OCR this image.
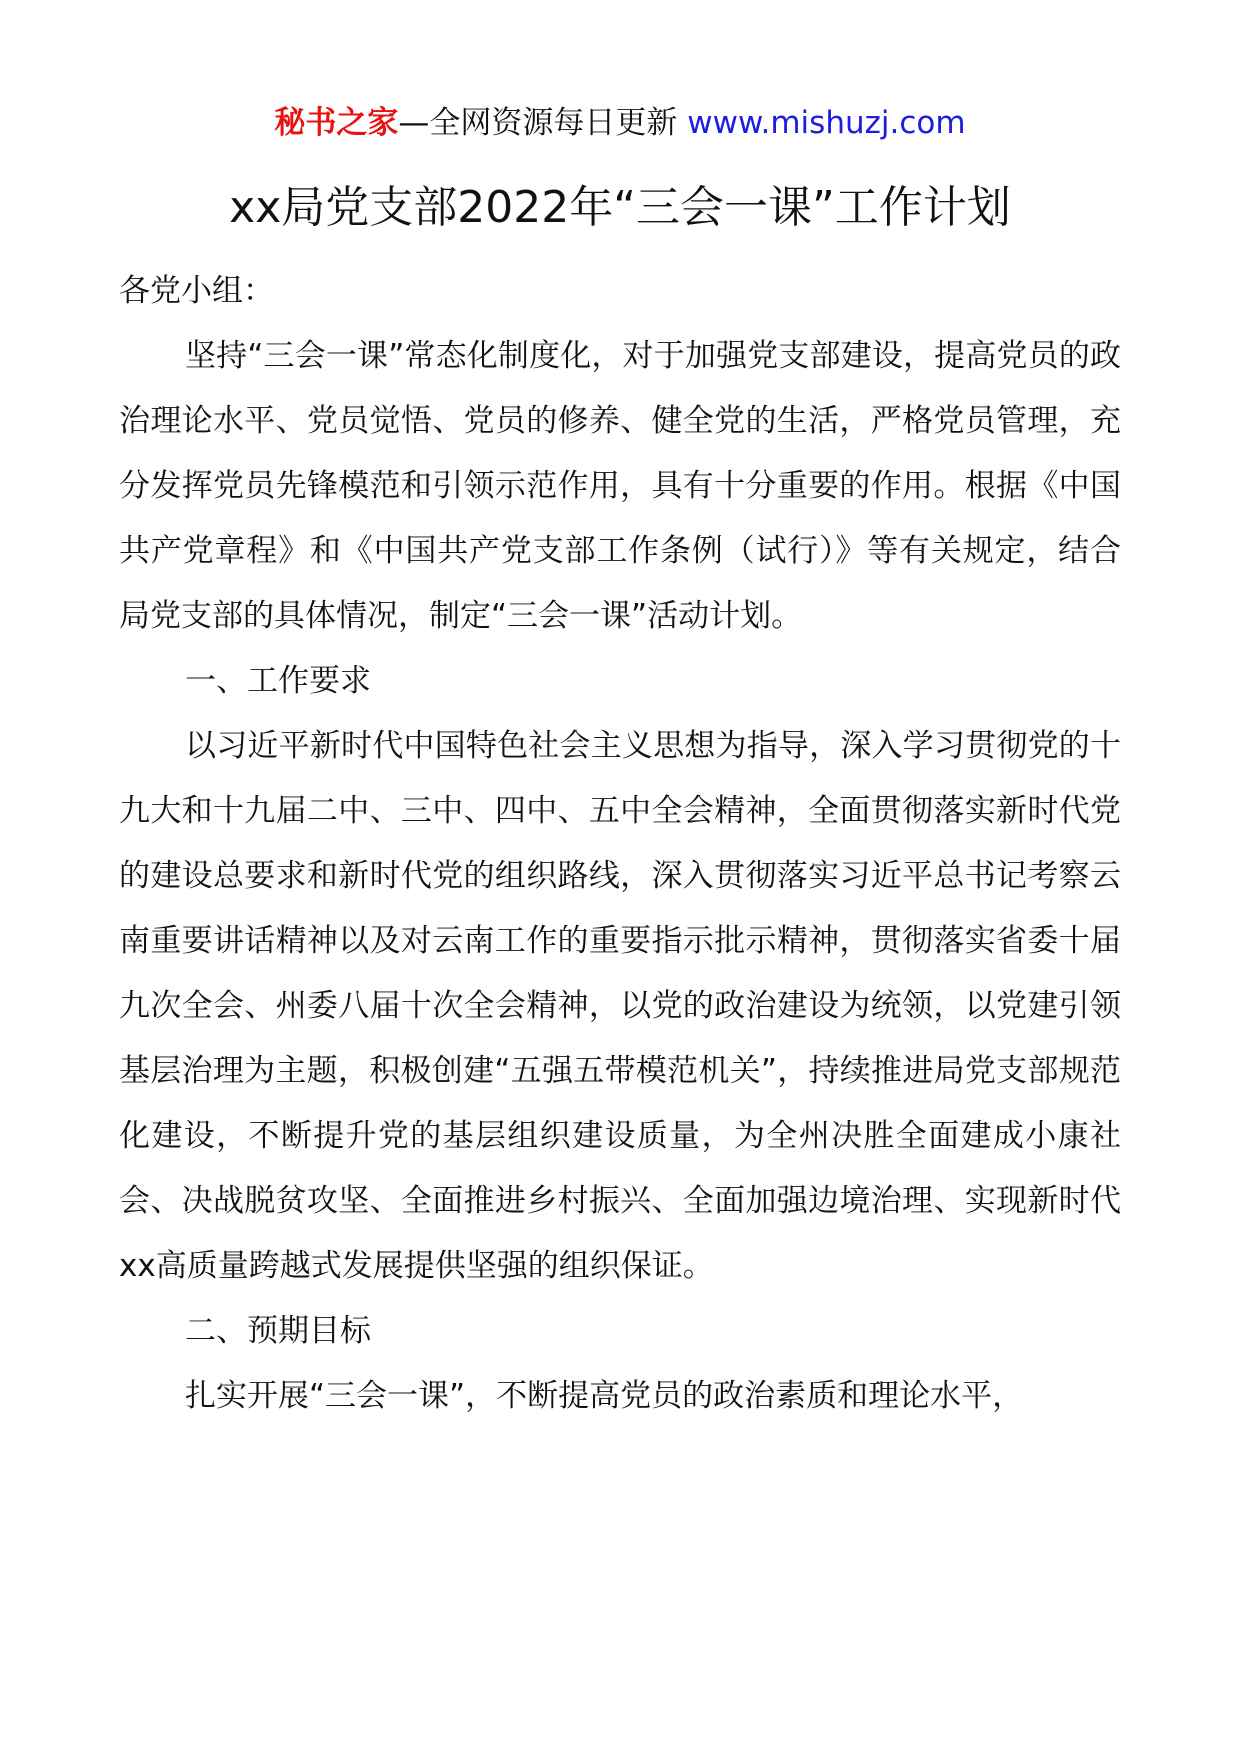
秘书之家—全网资源每日更新 www.mishuzj.com
xx局党支部2022年“三会一课”工作计划

各党小组：

坚持“三会一课”常态化制度化，对于加强党支部建设，提高党员的政治理论水平、党员觉悟、党员的修养、健全党的生活，严格党员管理，充分发挥党员先锋模范和引领示范作用，具有十分重要的作用。根据《中国共产党章程》和《中国共产党支部工作条例（试行）》等有关规定，结合局党支部的具体情况，制定“三会一课”活动计划。

一、工作要求

以习近平新时代中国特色社会主义思想为指导，深入学习贯彻党的十九大和十九届二中、三中、四中、五中全会精神，全面贯彻落实新时代党的建设总要求和新时代党的组织路线，深入贯彻落实习近平总书记考察云南重要讲话精神以及对云南工作的重要指示批示精神，贯彻落实省委十届九次全会、州委八届十次全会精神，以党的政治建设为统领，以党建引领基层治理为主题，积极创建“五强五带模范机关”，持续推进局党支部规范化建设，不断提升党的基层组织建设质量，为全州决胜全面建成小康社会、决战脱贫攻坚、全面推进乡村振兴、全面加强边境治理、实现新时代xx高质量跨越式发展提供坚强的组织保证。

二、预期目标

扎实开展“三会一课”，不断提高党员的政治素质和理论水平，
